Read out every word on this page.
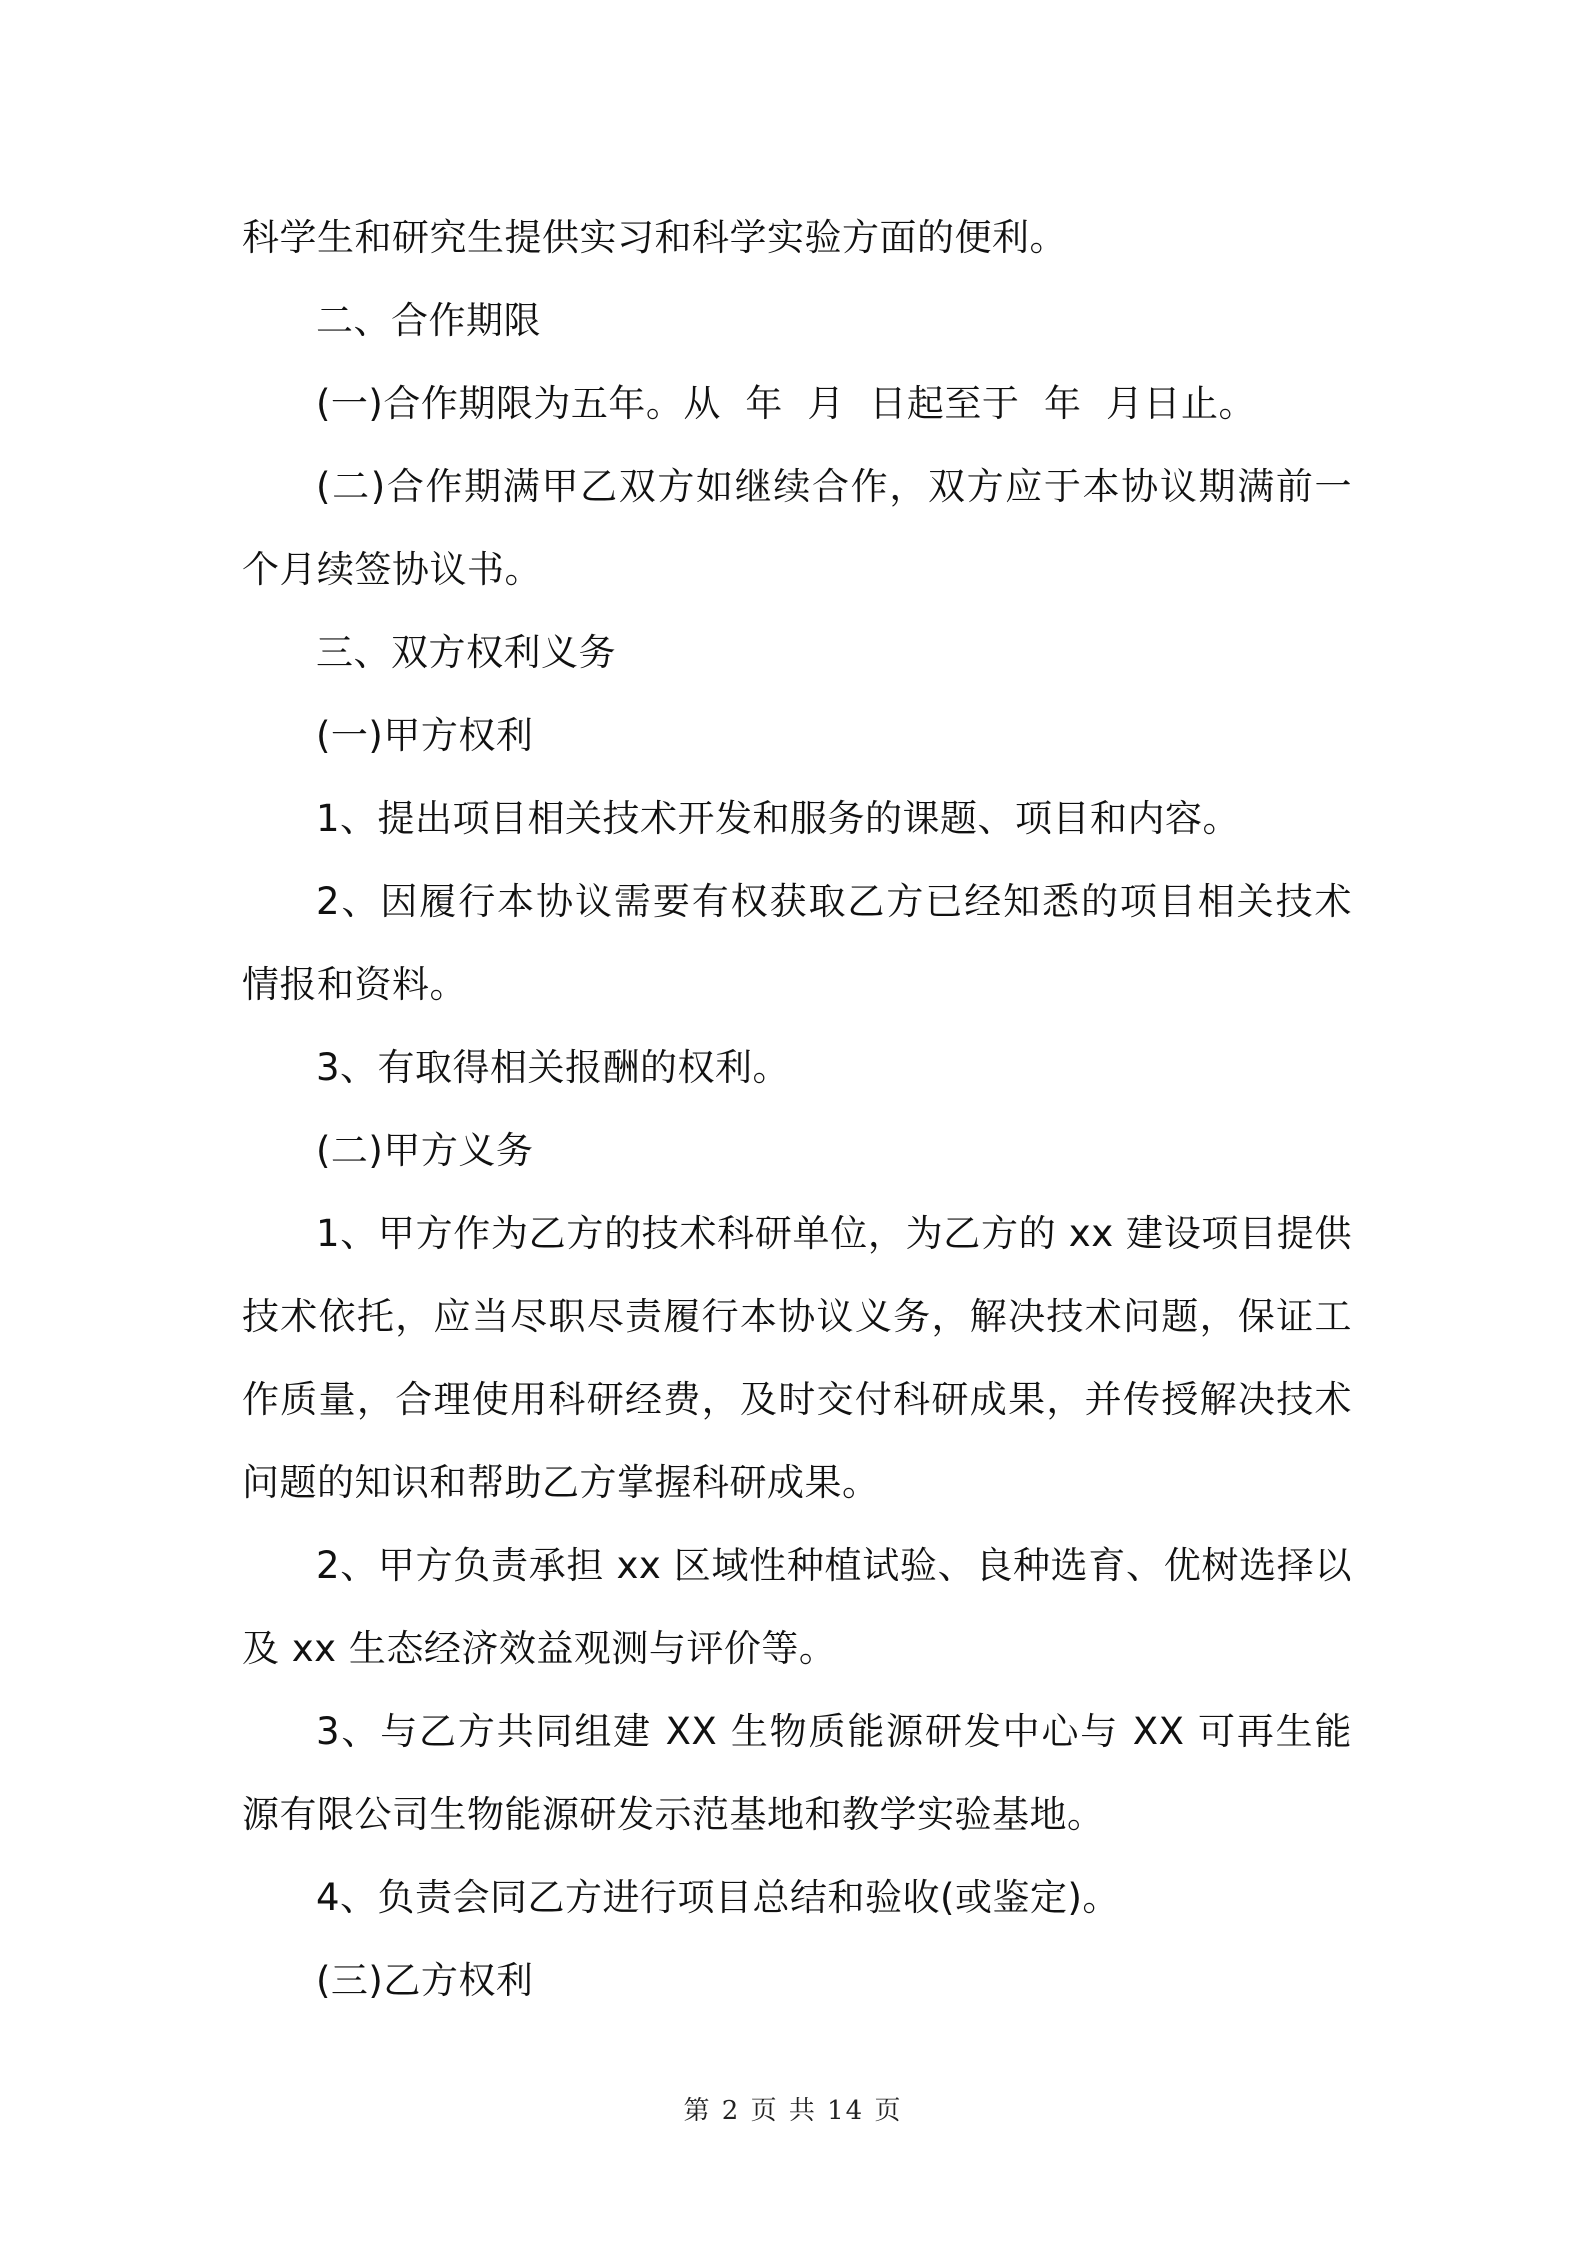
科学生和研究生提供实习和科学实验方面的便利。

二、合作期限

(一)合作期限为五年。从  年  月  日起至于  年  月日止。

(二)合作期满甲乙双方如继续合作，双方应于本协议期满前一个月续签协议书。

三、双方权利义务

(一)甲方权利

1、提出项目相关技术开发和服务的课题、项目和内容。

2、因履行本协议需要有权获取乙方已经知悉的项目相关技术情报和资料。

3、有取得相关报酬的权利。

(二)甲方义务

1、甲方作为乙方的技术科研单位，为乙方的 xx 建设项目提供技术依托，应当尽职尽责履行本协议义务，解决技术问题，保证工作质量，合理使用科研经费，及时交付科研成果，并传授解决技术问题的知识和帮助乙方掌握科研成果。

2、甲方负责承担 xx 区域性种植试验、良种选育、优树选择以及 xx 生态经济效益观测与评价等。

3、与乙方共同组建 XX 生物质能源研发中心与 XX 可再生能源有限公司生物能源研发示范基地和教学实验基地。

4、负责会同乙方进行项目总结和验收(或鉴定)。

(三)乙方权利

第 2 页 共 14 页
